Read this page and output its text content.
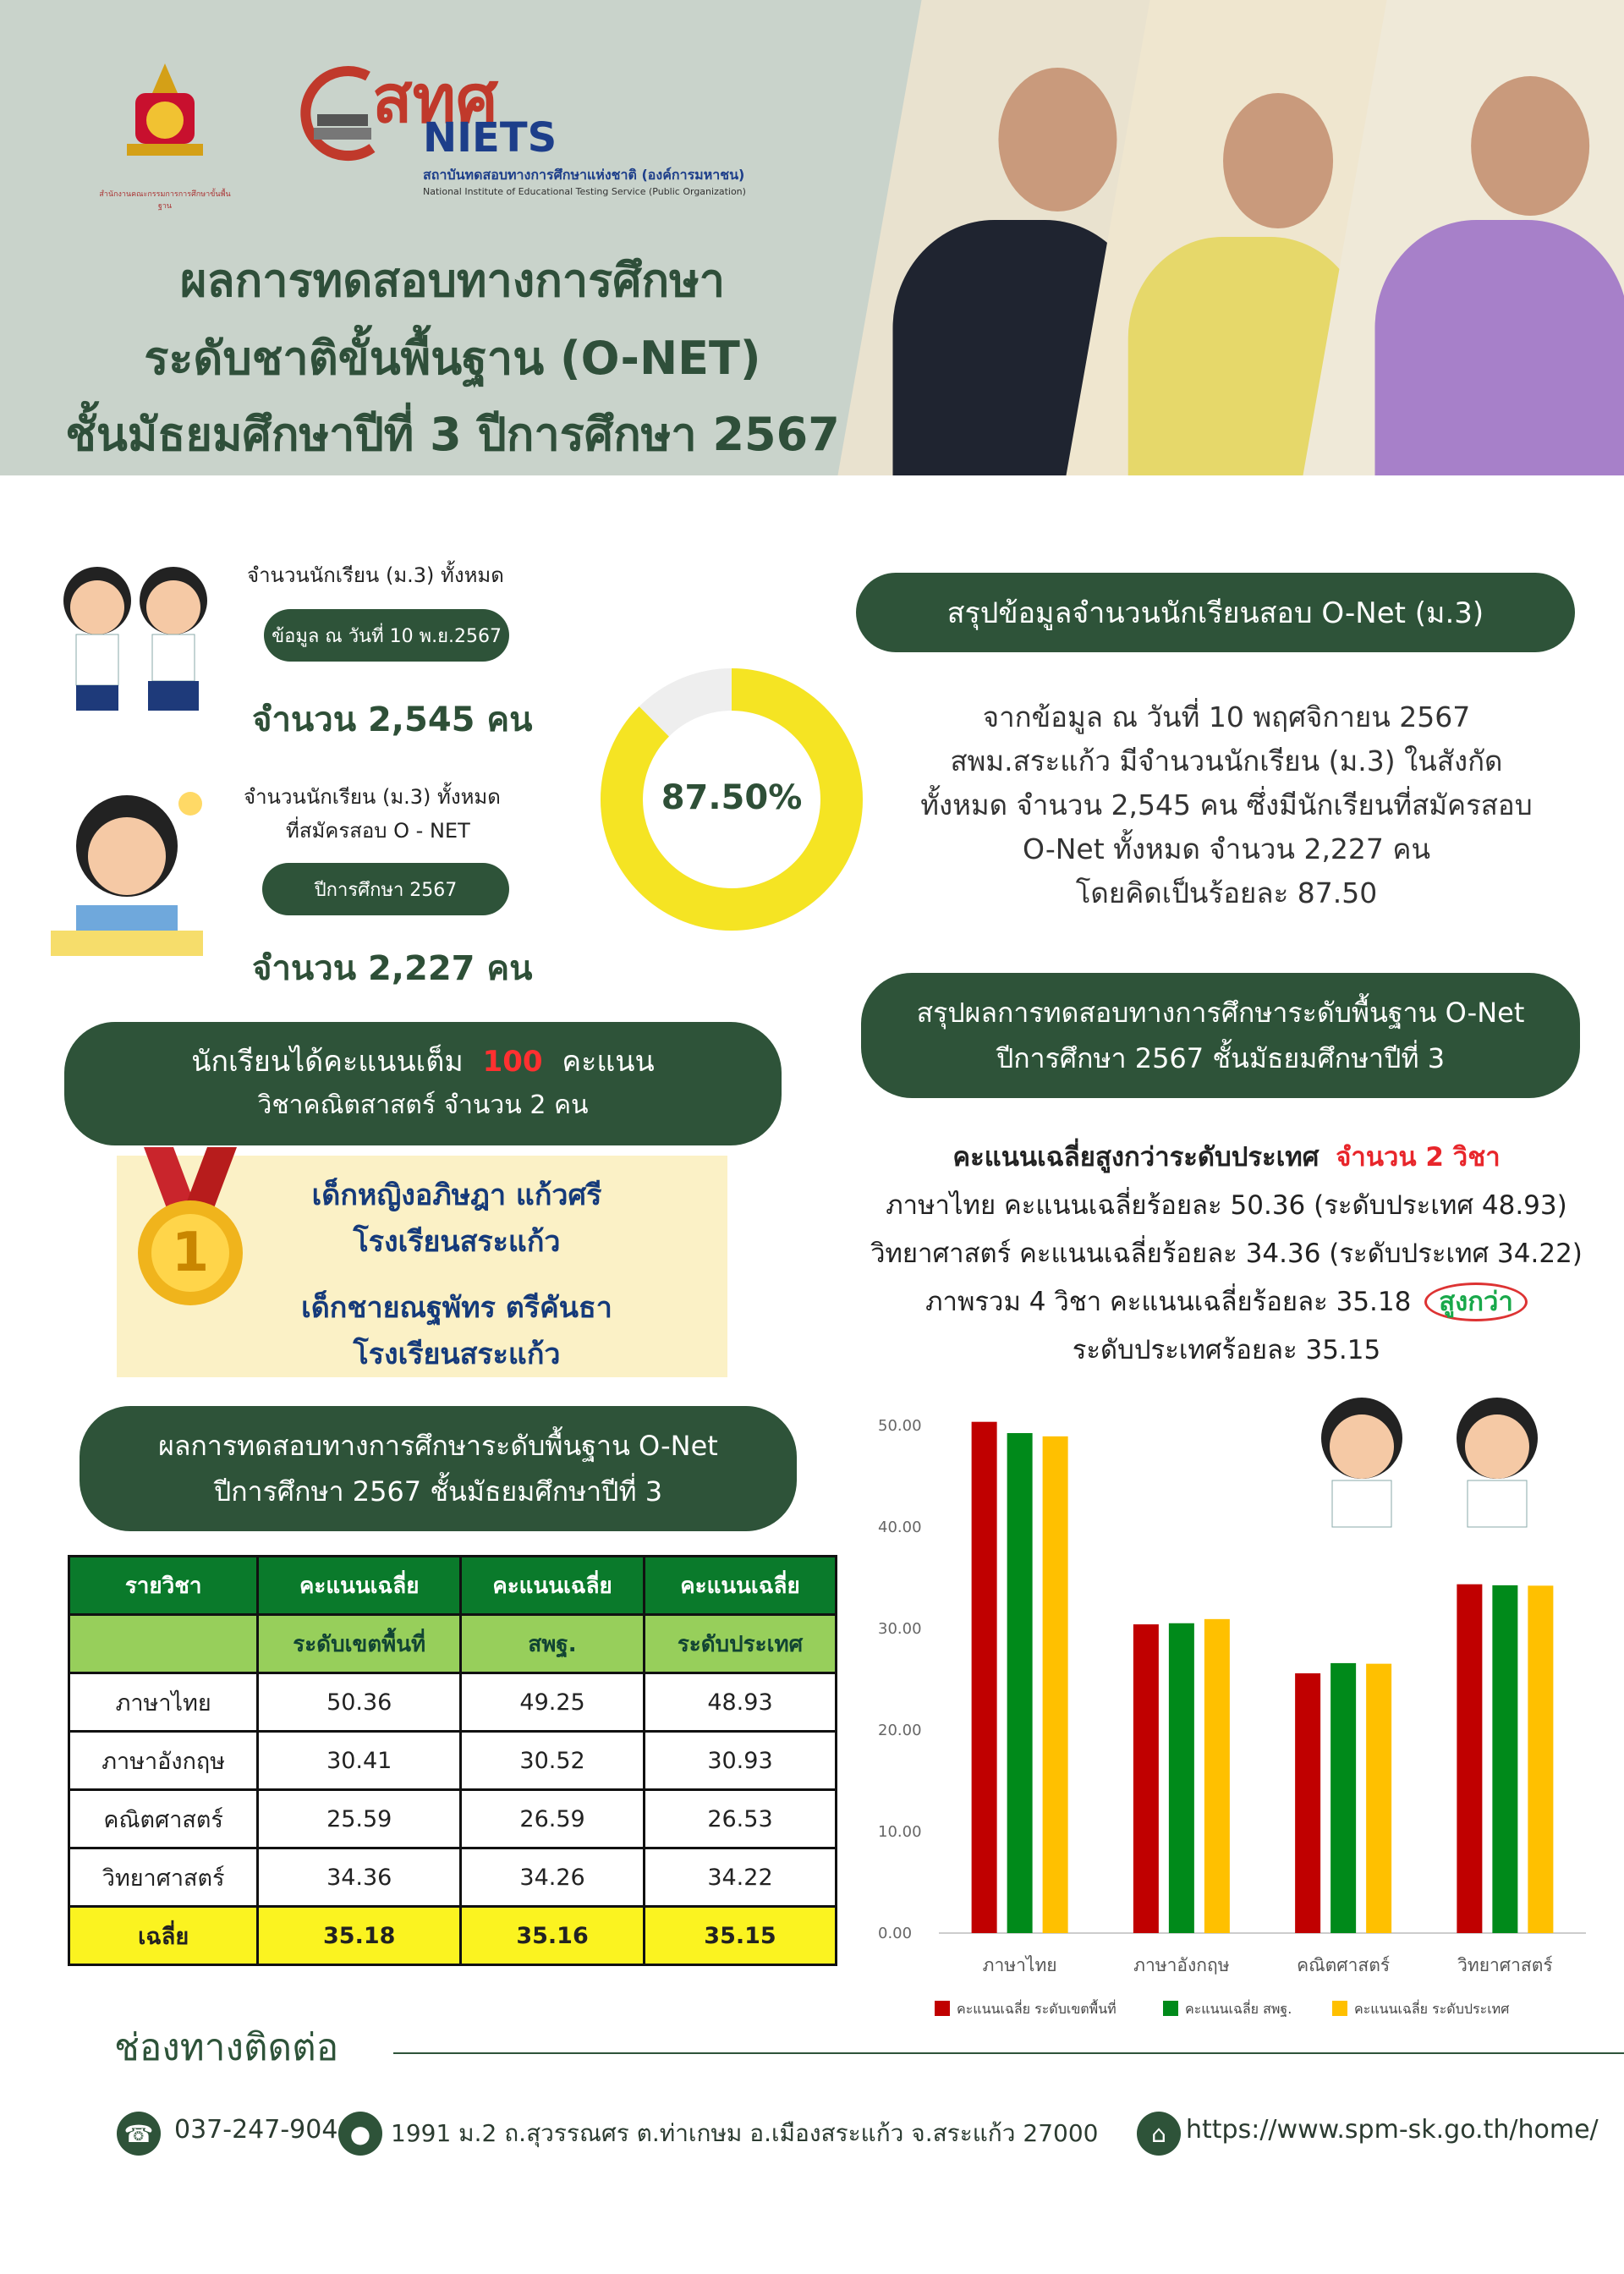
สำนักงานคณะกรรมการการศึกษาขั้นพื้นฐาน
สทศ
NIETS
สถาบันทดสอบทางการศึกษาแห่งชาติ (องค์การมหาชน)
National Institute of Educational Testing Service (Public Organization)
ผลการทดสอบทางการศึกษา
ระดับชาติขั้นพื้นฐาน (O-NET)
ชั้นมัธยมศึกษาปีที่ 3 ปีการศึกษา 2567
จำนวนนักเรียน (ม.3) ทั้งหมด
ข้อมูล ณ วันที่ 10 พ.ย.2567
จำนวน 2,545 คน
จำนวนนักเรียน (ม.3) ทั้งหมด
ที่สมัครสอบ O - NET
ปีการศึกษา 2567
จำนวน 2,227 คน
87.50%
สรุปข้อมูลจำนวนนักเรียนสอบ O-Net (ม.3)
จากข้อมูล ณ วันที่ 10 พฤศจิกายน 2567
สพม.สระแก้ว มีจำนวนนักเรียน (ม.3) ในสังกัด
ทั้งหมด จำนวน 2,545 คน ซึ่งมีนักเรียนที่สมัครสอบ
O-Net ทั้งหมด จำนวน 2,227 คน
โดยคิดเป็นร้อยละ 87.50
นักเรียนได้คะแนนเต็ม 100 คะแนน
วิชาคณิตสาสตร์ จำนวน 2 คน
1
เด็กหญิงอภิษฎา แก้วศรี
โรงเรียนสระแก้ว
เด็กชายณฐพัทร ตรีคันธา
โรงเรียนสระแก้ว
สรุปผลการทดสอบทางการศึกษาระดับพื้นฐาน O-Net
ปีการศึกษา 2567 ชั้นมัธยมศึกษาปีที่ 3
คะแนนเฉลี่ยสูงกว่าระดับประเทศ จำนวน 2 วิชา
ภาษาไทย คะแนนเฉลี่ยร้อยละ 50.36 (ระดับประเทศ 48.93)
วิทยาศาสตร์ คะแนนเฉลี่ยร้อยละ 34.36 (ระดับประเทศ 34.22)
ภาพรวม 4 วิชา คะแนนเฉลี่ยร้อยละ 35.18 สูงกว่า
ระดับประเทศร้อยละ 35.15
ผลการทดสอบทางการศึกษาระดับพื้นฐาน O-Net
ปีการศึกษา 2567 ชั้นมัธยมศึกษาปีที่ 3
รายวิชา	คะแนนเฉลี่ย	คะแนนเฉลี่ย	คะแนนเฉลี่ย
	ระดับเขตพื้นที่	สพฐ.	ระดับประเทศ
ภาษาไทย	50.36	49.25	48.93
ภาษาอังกฤษ	30.41	30.52	30.93
คณิตศาสตร์	25.59	26.59	26.53
วิทยาศาสตร์	34.36	34.26	34.22
เฉลี่ย	35.18	35.16	35.15	0.00
10.00
20.00
30.00
40.00
50.00
ภาษาไทย	ภาษาอังกฤษ	คณิตศาสตร์	วิทยาศาสตร์
คะแนนเฉลี่ย ระดับเขตพื้นที่	คะแนนเฉลี่ย สพฐ.	คะแนนเฉลี่ย ระดับประเทศ
ช่องทางติดต่อ
☎ 037-247-904 ● 1991 ม.2 ถ.สุวรรณศร ต.ท่าเกษม อ.เมืองสระแก้ว จ.สระแก้ว 27000	⌂ https://www.spm-sk.go.th/home/
